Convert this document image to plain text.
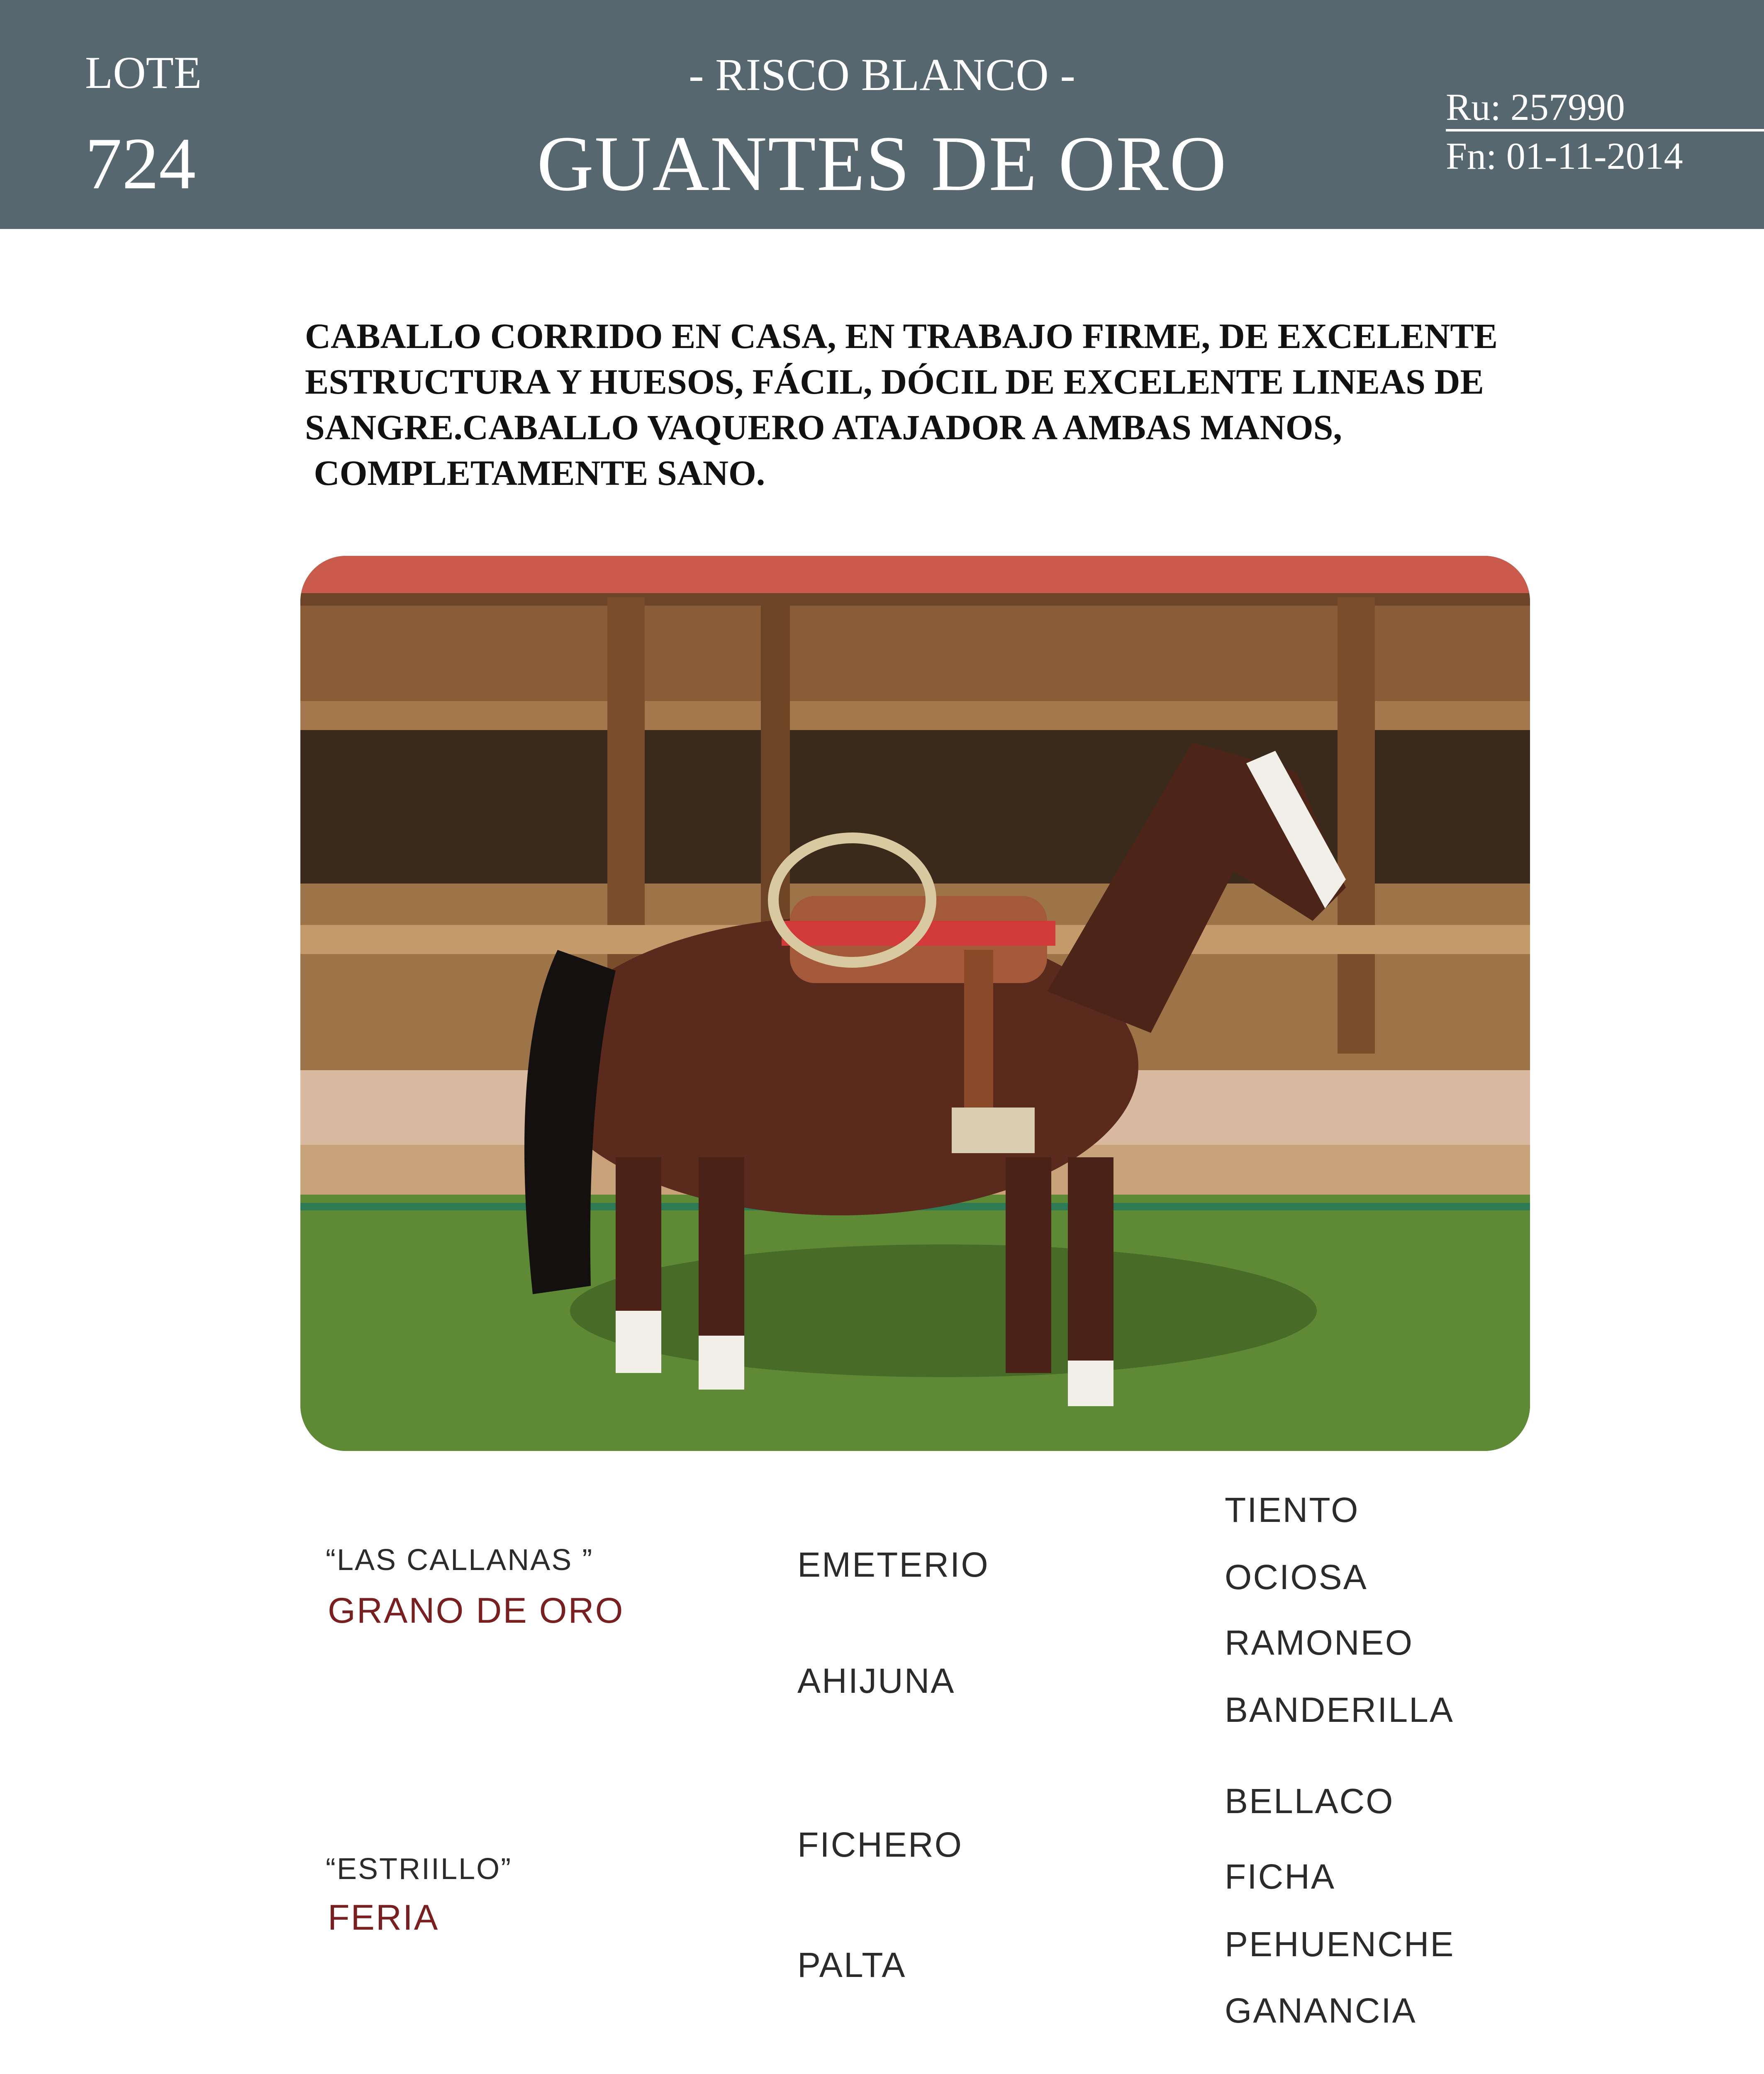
LOTE
724
- RISCO BLANCO -
GUANTES DE ORO
Ru: 257990
Fn: 01-11-2014
CABALLO CORRIDO EN CASA, EN TRABAJO FIRME, DE EXCELENTE
ESTRUCTURA Y HUESOS, FÁCIL, DÓCIL DE EXCELENTE LINEAS DE
SANGRE.CABALLO VAQUERO ATAJADOR A AMBAS MANOS,
COMPLETAMENTE SANO.
“LAS CALLANAS ”
GRANO DE ORO
“ESTRIILLO”
FERIA
EMETERIO
AHIJUNA
FICHERO
PALTA
TIENTO
OCIOSA
RAMONEO
BANDERILLA
BELLACO
FICHA
PEHUENCHE
GANANCIA
